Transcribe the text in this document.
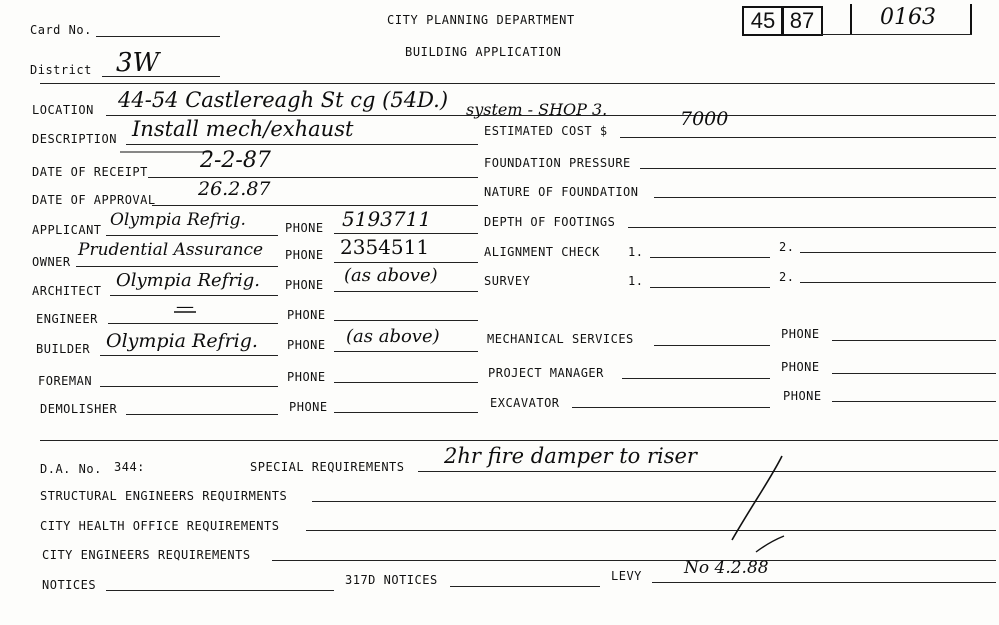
Card No.
CITY PLANNING DEPARTMENT
BUILDING APPLICATION
45 87	0163
District 3W
LOCATION 44-54 Castlereagh St cg (54D.)
DESCRIPTION Install mech/exhaust
system - SHOP 3.
ESTIMATED COST $
7000
DATE OF RECEIPT 2-2-87	FOUNDATION PRESSURE
DATE OF APPROVAL 26.2.87	NATURE OF FOUNDATION
APPLICANT Olympia Refrig.	PHONE 5193711	DEPTH OF FOOTINGS
OWNER
Prudential Assurance PHONE 2354511	ALIGNMENT CHECK 1.	2.
ARCHITECT Olympia Refrig. PHONE (as above)	SURVEY	1.	2.
ENGINEER
—	PHONE
BUILDER Olympia Refrig. PHONE (as above)	MECHANICAL SERVICES	PHONE
FOREMAN	PHONE	PROJECT MANAGER	PHONE
DEMOLISHER	PHONE	EXCAVATOR	PHONE
D.A. No. 344:	SPECIAL REQUIREMENTS 2hr fire damper to riser
STRUCTURAL ENGINEERS REQUIRMENTS
CITY HEALTH OFFICE REQUIREMENTS
CITY ENGINEERS REQUIREMENTS
NOTICES	317D NOTICES	LEVY No 4.2.88
